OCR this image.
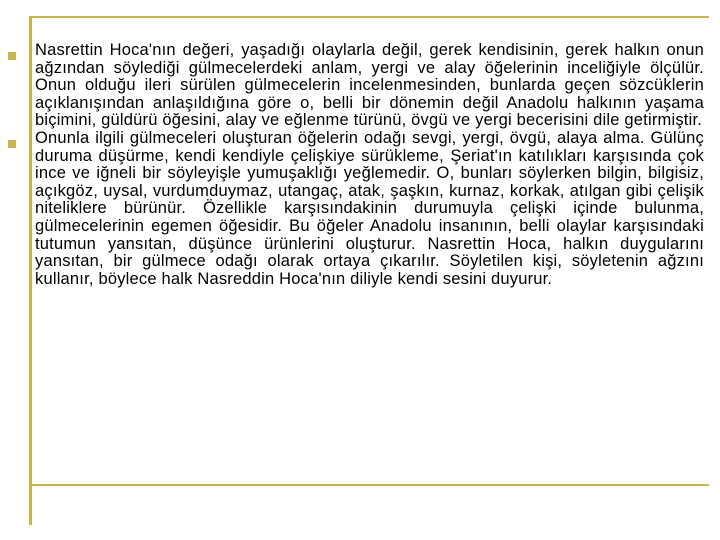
Nasrettin Hoca'nın değeri, yaşadığı olaylarla değil, gerek kendisinin, gerek halkın onun ağzından söylediği gülmecelerdeki anlam, yergi ve alay öğelerinin inceliğiyle ölçülür. Onun olduğu ileri sürülen gülmecelerin incelenmesinden, bunlarda geçen sözcüklerin açıklanışından anlaşıldığına göre o, belli bir dönemin değil Anadolu halkının yaşama biçimini, güldürü öğesini, alay ve eğlenme türünü, övgü ve yergi becerisini dile getirmiştir.
Onunla ilgili gülmeceleri oluşturan öğelerin odağı sevgi, yergi, övgü, alaya alma. Gülünç duruma düşürme, kendi kendiyle çelişkiye sürükleme, Şeriat'ın katılıkları karşısında çok ince ve iğneli bir söyleyişle yumuşaklığı yeğlemedir. O, bunları söylerken bilgin, bilgisiz, açıkgöz, uysal, vurdumduymaz, utangaç, atak, şaşkın, kurnaz, korkak, atılgan gibi çelişik niteliklere bürünür. Özellikle karşısındakinin durumuyla çelişki içinde bulunma, gülmecelerinin egemen öğesidir. Bu öğeler Anadolu insanının, belli olaylar karşısındaki tutumun yansıtan, düşünce ürünlerini oluşturur. Nasrettin Hoca, halkın duygularını yansıtan, bir gülmece odağı olarak ortaya çıkarılır. Söyletilen kişi, söyletenin ağzını kullanır, böylece halk Nasreddin Hoca'nın diliyle kendi sesini duyurur.
